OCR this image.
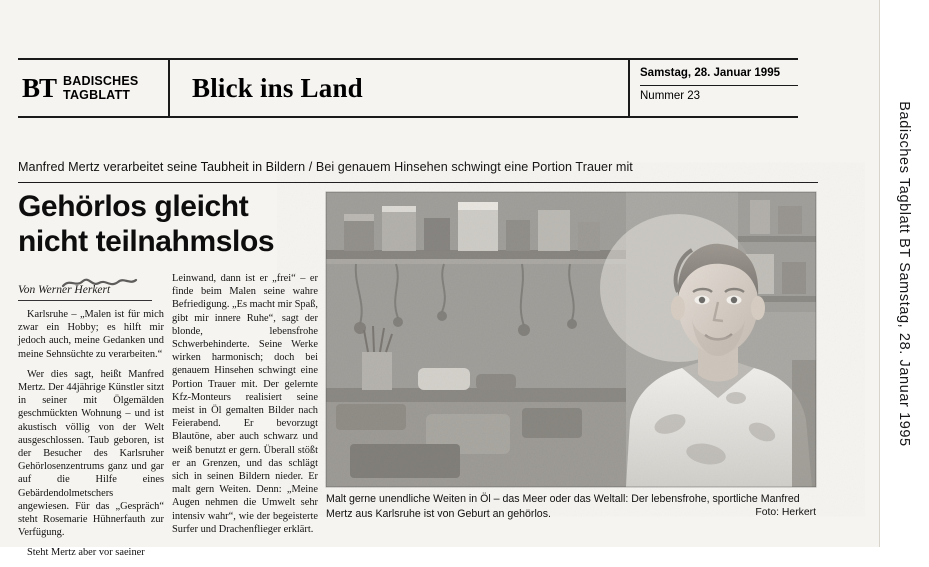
Badisches Tagblatt BT Samstag, 28. Januar 1995
BT BADISCHES
TAGBLATT	Blick ins Land	Samstag, 28. Januar 1995
Nummer 23
Manfred Mertz verarbeitet seine Taubheit in Bildern / Bei genauem Hinsehen schwingt eine Portion Trauer mit
Gehörlos gleicht
nicht teilnahmslos
Von Werner Herkert

Karlsruhe – „Malen ist für mich zwar ein Hobby; es hilft mir jedoch auch, meine Gedanken und meine Sehnsüchte zu verarbeiten.“

Wer dies sagt, heißt Manfred Mertz. Der 44jährige Künstler sitzt in seiner mit Ölgemälden geschmückten Wohnung – und ist akustisch völlig von der Welt ausgeschlossen. Taub geboren, ist der Besucher des Karlsruher Gehörlosenzentrums ganz und gar auf die Hilfe eines Gebärdendolmetschers angewiesen. Für das „Gespräch“ steht Rosemarie Hühnerfauth zur Verfügung.

Steht Mertz aber vor saeiner

Leinwand, dann ist er „frei“ – er finde beim Malen seine wahre Befriedigung. „Es macht mir Spaß, gibt mir innere Ruhe“, sagt der blonde, lebensfrohe Schwerbehinderte. Seine Werke wirken harmonisch; doch bei genauem Hinsehen schwingt eine Portion Trauer mit. Der gelernte Kfz-Monteurs realisiert seine meist in Öl gemalten Bilder nach Feierabend. Er bevorzugt Blautöne, aber auch schwarz und weiß benutzt er gern. Überall stößt er an Grenzen, und das schlägt sich in seinen Bildern nieder. Er malt gern Weiten. Denn: „Meine Augen nehmen die Umwelt sehr intensiv wahr“, wie der begeisterte Surfer und Drachenflieger erklärt.

Malt gerne unendliche Weiten in Öl – das Meer oder das Weltall: Der lebensfrohe, sportliche Manfred Mertz aus Karlsruhe ist von Geburt an gehörlos.	Foto: Herkert
